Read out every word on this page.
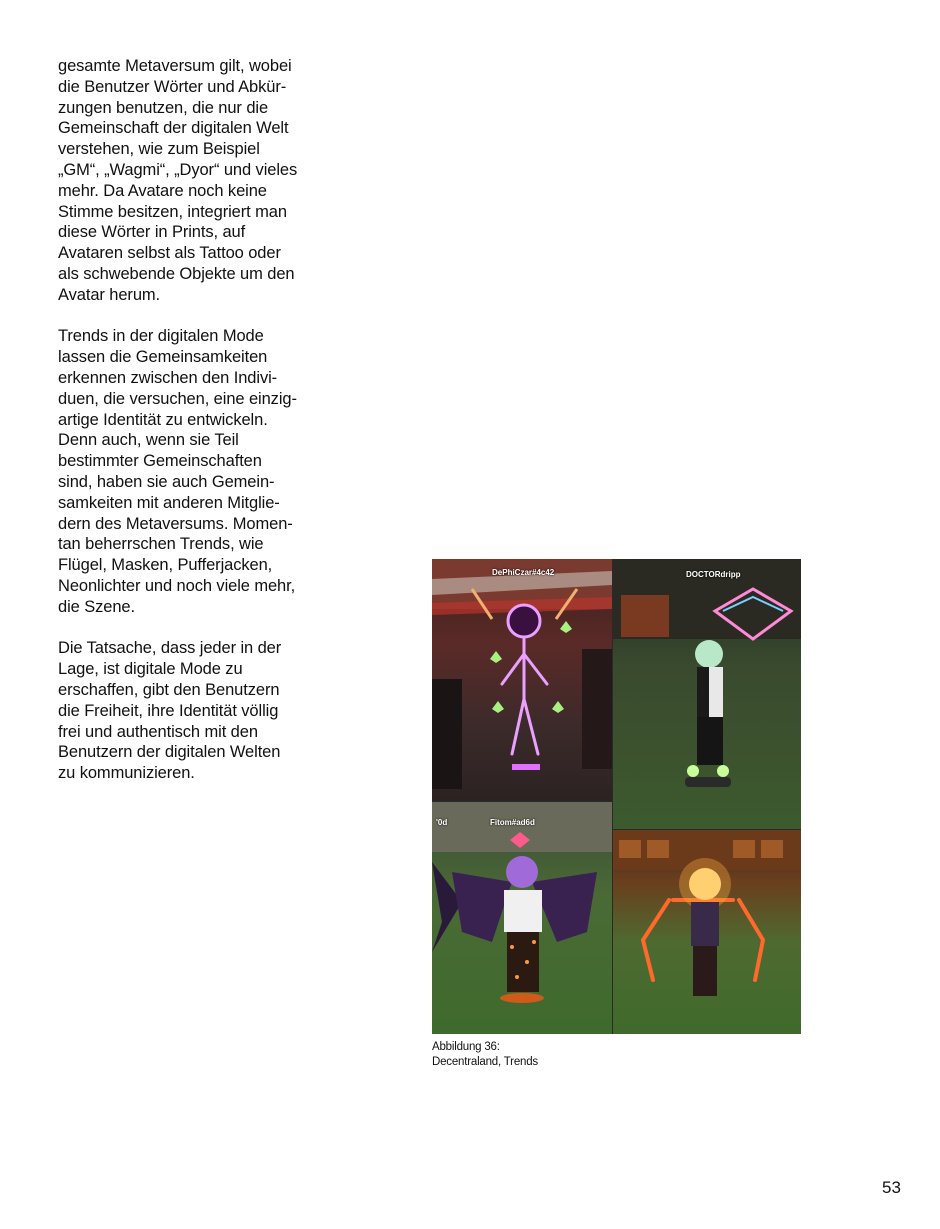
gesamte Metaversum gilt, wobei
die Benutzer Wörter und Abkür-
zungen benutzen, die nur die
Gemeinschaft der digitalen Welt
verstehen, wie zum Beispiel
„GM“, „Wagmi“, „Dyor“ und vieles
mehr. Da Avatare noch keine
Stimme besitzen, integriert man
diese Wörter in Prints, auf
Avataren selbst als Tattoo oder
als schwebende Objekte um den
Avatar herum.

Trends in der digitalen Mode
lassen die Gemeinsamkeiten
erkennen zwischen den Indivi-
duen, die versuchen, eine einzig-
artige Identität zu entwickeln.
Denn auch, wenn sie Teil
bestimmter Gemeinschaften
sind, haben sie auch Gemein-
samkeiten mit anderen Mitglie-
dern des Metaversums. Momen-
tan beherrschen Trends, wie
Flügel, Masken, Pufferjacken,
Neonlichter und noch viele mehr,
die Szene.

Die Tatsache, dass jeder in der
Lage, ist digitale Mode zu
erschaffen, gibt den Benutzern
die Freiheit, ihre Identität völlig
frei und authentisch mit den
Benutzern der digitalen Welten
zu kommunizieren.

DePhiCzar#4c42	DOCTORdripp
Fitom#ad6d
'0d
Abbildung 36:
Decentraland, Trends
53
